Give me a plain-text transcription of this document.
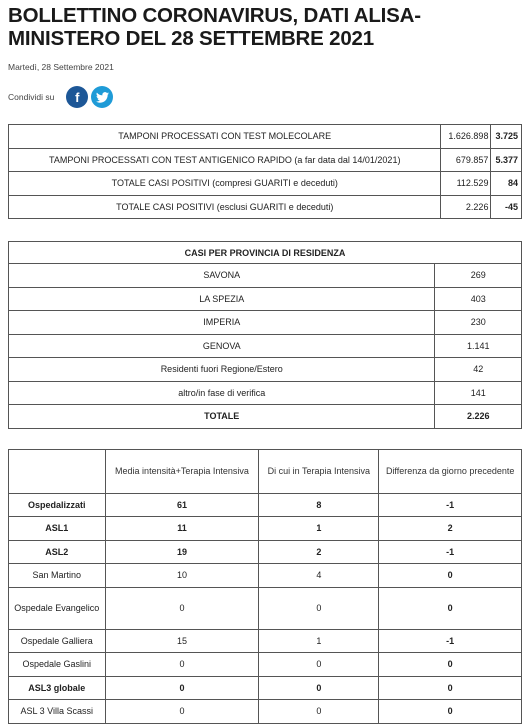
BOLLETTINO CORONAVIRUS, DATI ALISA-MINISTERO DEL 28 SETTEMBRE 2021
Martedì, 28 Settembre 2021
Condividi su f
TAMPONI PROCESSATI CON TEST MOLECOLARE	1.626.898	3.725
TAMPONI PROCESSATI CON TEST ANTIGENICO RAPIDO (a far data dal 14/01/2021)	679.857	5.377
TOTALE CASI POSITIVI (compresi GUARITI e deceduti)	112.529	84
TOTALE CASI POSITIVI (esclusi GUARITI e deceduti)	2.226	-45
CASI PER PROVINCIA DI RESIDENZA	
SAVONA	269
LA SPEZIA	403
IMPERIA	230
GENOVA	1.141
Residenti fuori Regione/Estero	42
altro/in fase di verifica	141
TOTALE	2.226
	Media intensità+Terapia Intensiva	Di cui in Terapia Intensiva	Differenza da giorno precedente
Ospedalizzati	61	8	-1
ASL1	11	1	2
ASL2	19	2	-1
San Martino	10	4	0
Ospedale Evangelico	0	0	0
Ospedale Galliera	15	1	-1
Ospedale Gaslini	0	0	0
ASL3 globale	0	0	0
ASL 3 Villa Scassi	0	0	0
